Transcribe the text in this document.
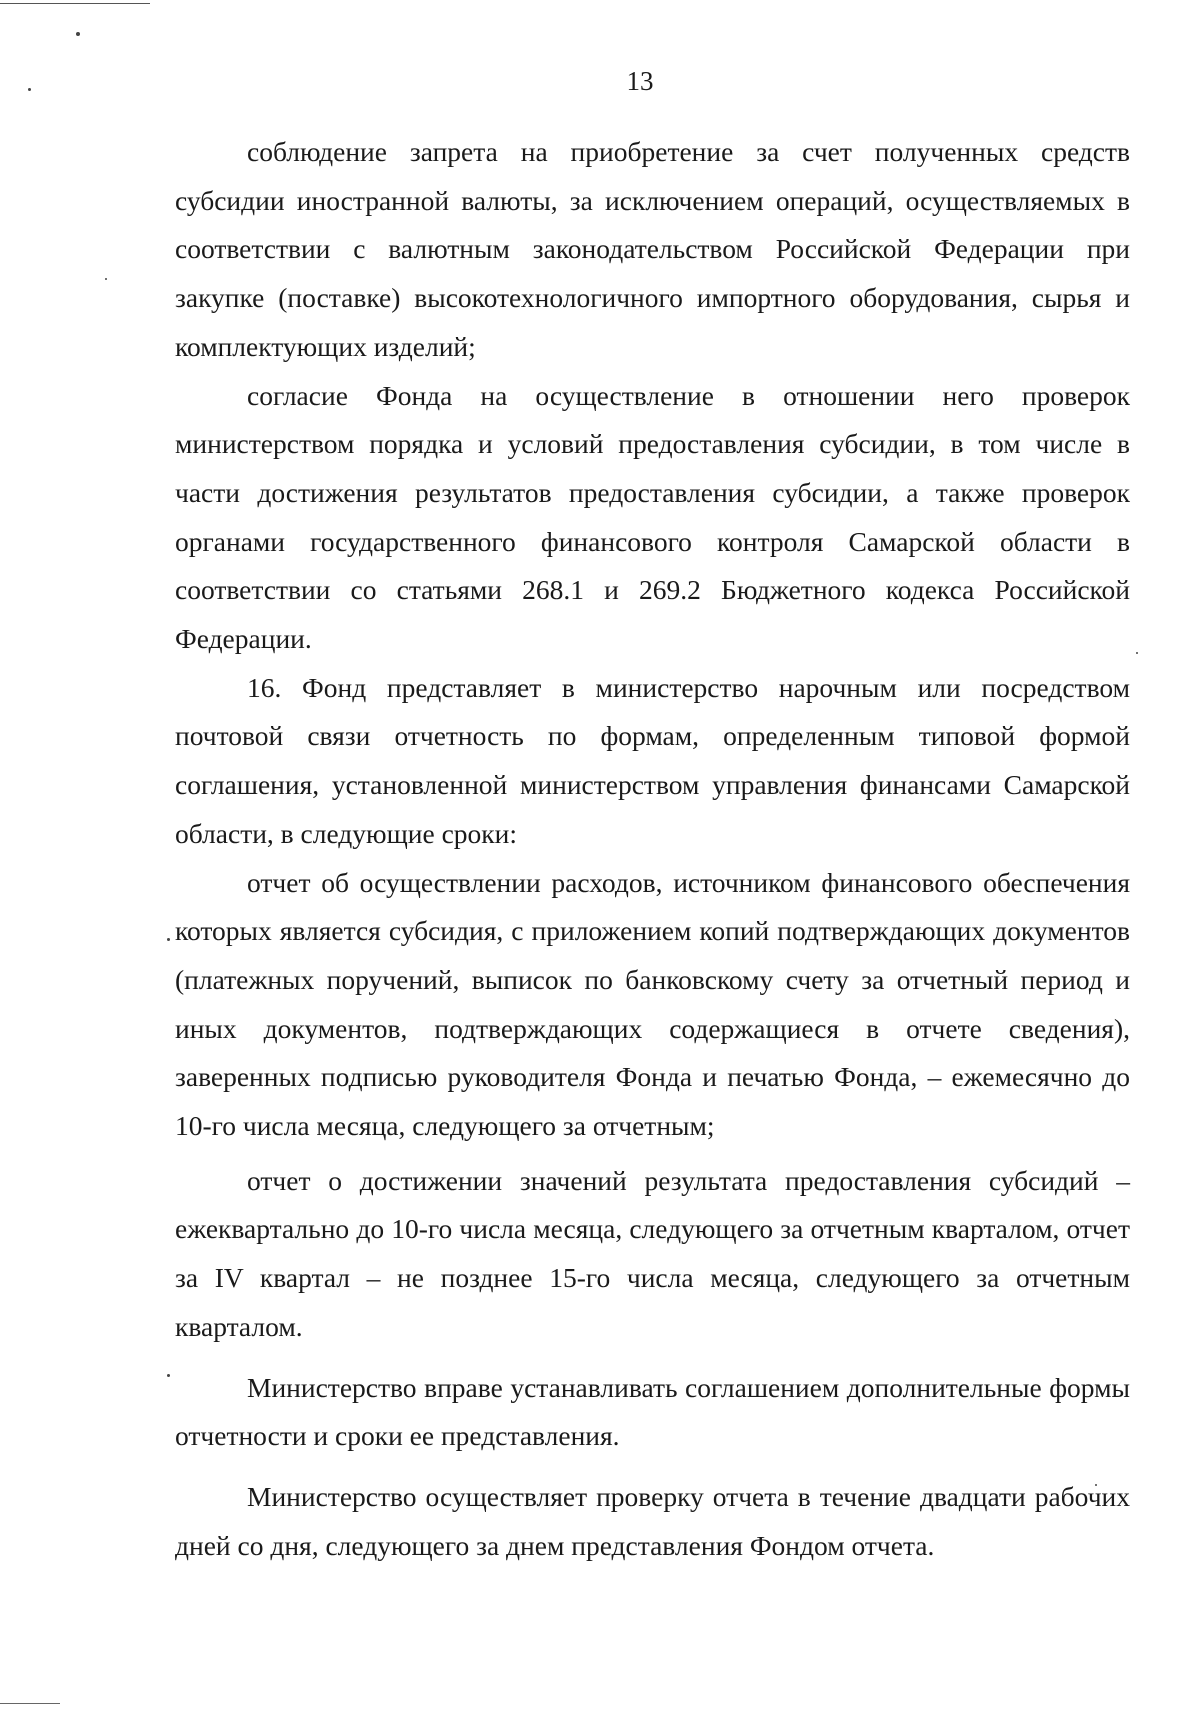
13

соблюдение запрета на приобретение за счет полученных средств субсидии иностранной валюты, за исключением операций, осуществляемых в соответствии с валютным законодательством Российской Федерации при закупке (поставке) высокотехнологичного импортного оборудования, сырья и комплектующих изделий;

согласие Фонда на осуществление в отношении него проверок министерством порядка и условий предоставления субсидии, в том числе в части достижения результатов предоставления субсидии, а также проверок органами государственного финансового контроля Самарской области в соответствии со статьями 268.1 и 269.2 Бюджетного кодекса Российской Федерации.

16. Фонд представляет в министерство нарочным или посредством почтовой связи отчетность по формам, определенным типовой формой соглашения, установленной министерством управления финансами Самарской области, в следующие сроки:

отчет об осуществлении расходов, источником финансового обеспечения которых является субсидия, с приложением копий подтверждающих документов (платежных поручений, выписок по банковскому счету за отчетный период и иных документов, подтверждающих содержащиеся в отчете сведения), заверенных подписью руководителя Фонда и печатью Фонда, – ежемесячно до 10-го числа месяца, следующего за отчетным;

отчет о достижении значений результата предоставления субсидий – ежеквартально до 10-го числа месяца, следующего за отчетным кварталом, отчет за IV квартал – не позднее 15-го числа месяца, следующего за отчетным кварталом.

Министерство вправе устанавливать соглашением дополнительные формы отчетности и сроки ее представления.

Министерство осуществляет проверку отчета в течение двадцати рабочих дней со дня, следующего за днем представления Фондом отчета.
